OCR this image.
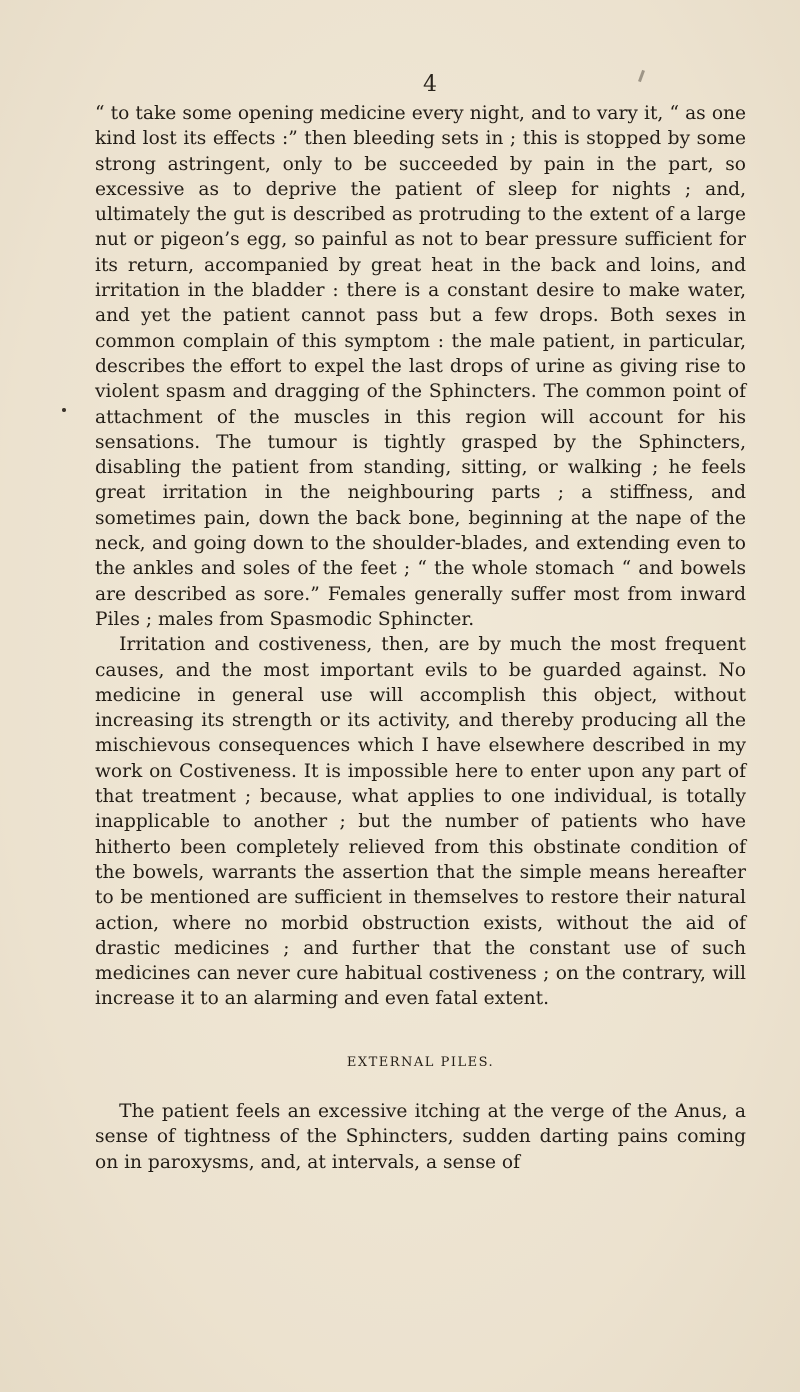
4

“ to take some opening medicine every night, and to vary it, “ as one kind lost its effects :” then bleeding sets in ; this is stopped by some strong astringent, only to be succeeded by pain in the part, so excessive as to deprive the patient of sleep for nights ; and, ultimately the gut is described as protruding to the extent of a large nut or pigeon’s egg, so painful as not to bear pressure sufficient for its return, accompanied by great heat in the back and loins, and irritation in the bladder : there is a constant desire to make water, and yet the patient cannot pass but a few drops. Both sexes in common complain of this symptom : the male patient, in particular, describes the effort to expel the last drops of urine as giving rise to violent spasm and dragging of the Sphincters. The common point of attachment of the muscles in this region will account for his sensations. The tumour is tightly grasped by the Sphincters, disabling the patient from standing, sitting, or walking ; he feels great irritation in the neighbouring parts ; a stiffness, and sometimes pain, down the back bone, beginning at the nape of the neck, and going down to the shoulder-blades, and extending even to the ankles and soles of the feet ; “ the whole stomach “ and bowels are described as sore.” Females generally suffer most from inward Piles ; males from Spasmodic Sphincter.

Irritation and costiveness, then, are by much the most frequent causes, and the most important evils to be guarded against. No medicine in general use will accomplish this object, without increasing its strength or its activity, and thereby producing all the mischievous consequences which I have elsewhere described in my work on Costiveness. It is impossible here to enter upon any part of that treatment ; because, what applies to one individual, is totally inapplicable to another ; but the number of patients who have hitherto been completely relieved from this obstinate condition of the bowels, warrants the assertion that the simple means hereafter to be mentioned are sufficient in themselves to restore their natural action, where no morbid obstruction exists, without the aid of drastic medicines ; and further that the constant use of such medicines can never cure habitual costiveness ; on the contrary, will increase it to an alarming and even fatal extent.

EXTERNAL PILES.

The patient feels an excessive itching at the verge of the Anus, a sense of tightness of the Sphincters, sudden darting pains coming on in paroxysms, and, at intervals, a sense of
